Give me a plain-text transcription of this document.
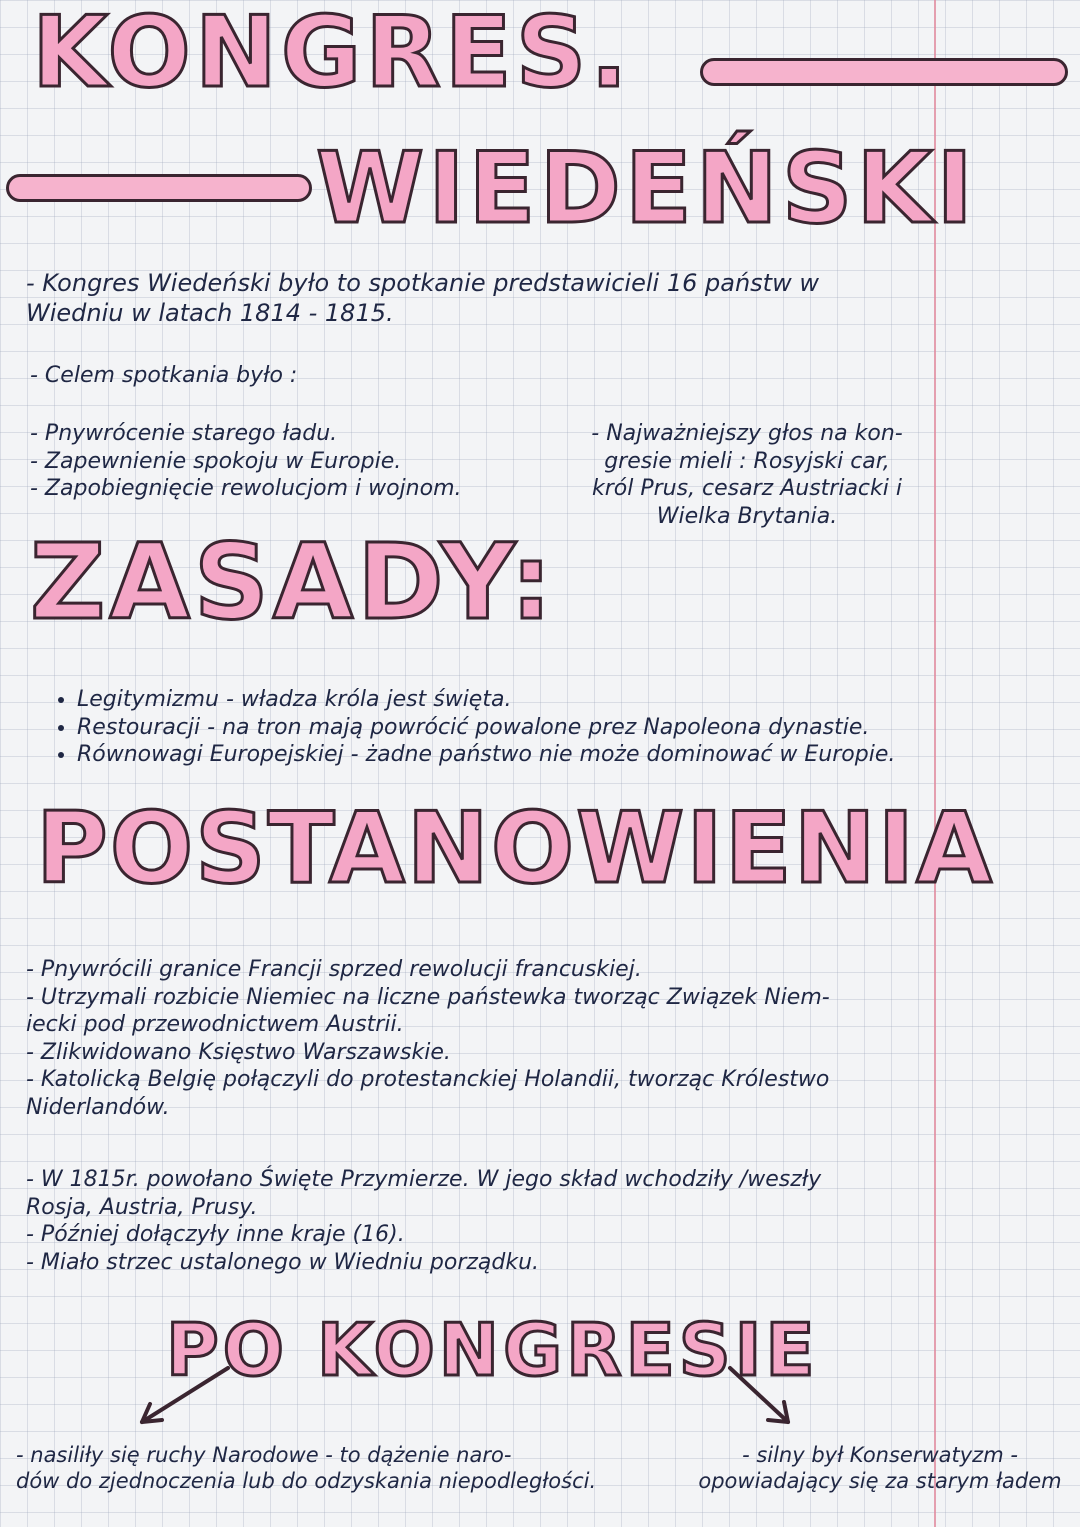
KONGRES.
WIEDEŃSKI
- Kongres Wiedeński było to spotkanie predstawicieli 16 państw w
Wiedniu w latach 1814 - 1815.
- Celem spotkania było :
- Pnywrócenie starego ładu.
- Zapewnienie spokoju w Europie.
- Zapobiegnięcie rewolucjom i wojnom.
- Najważniejszy głos na kon-
gresie mieli : Rosyjski car,
król Prus, cesarz Austriacki i
Wielka Brytania.
ZASADY:
• Legitymizmu - władza króla jest święta.
• Restouracji - na tron mają powrócić powalone prez Napoleona dynastie.
• Równowagi Europejskiej - żadne państwo nie może dominować w Europie.
POSTANOWIENIA
- Pnywrócili granice Francji sprzed rewolucji francuskiej.
- Utrzymali rozbicie Niemiec na liczne państewka tworząc Związek Niem-
iecki pod przewodnictwem Austrii.
- Zlikwidowano Księstwo Warszawskie.
- Katolicką Belgię połączyli do protestanckiej Holandii, tworząc Królestwo
Niderlandów.
- W 1815r. powołano Święte Przymierze. W jego skład wchodziły /weszły
Rosja, Austria, Prusy.
- Później dołączyły inne kraje (16).
- Miało strzec ustalonego w Wiedniu porządku.
PO KONGRESIE
- nasiliły się ruchy Narodowe - to dążenie naro-
dów do zjednoczenia lub do odzyskania niepodległości.
- silny był Konserwatyzm -
opowiadający się za starym ładem
